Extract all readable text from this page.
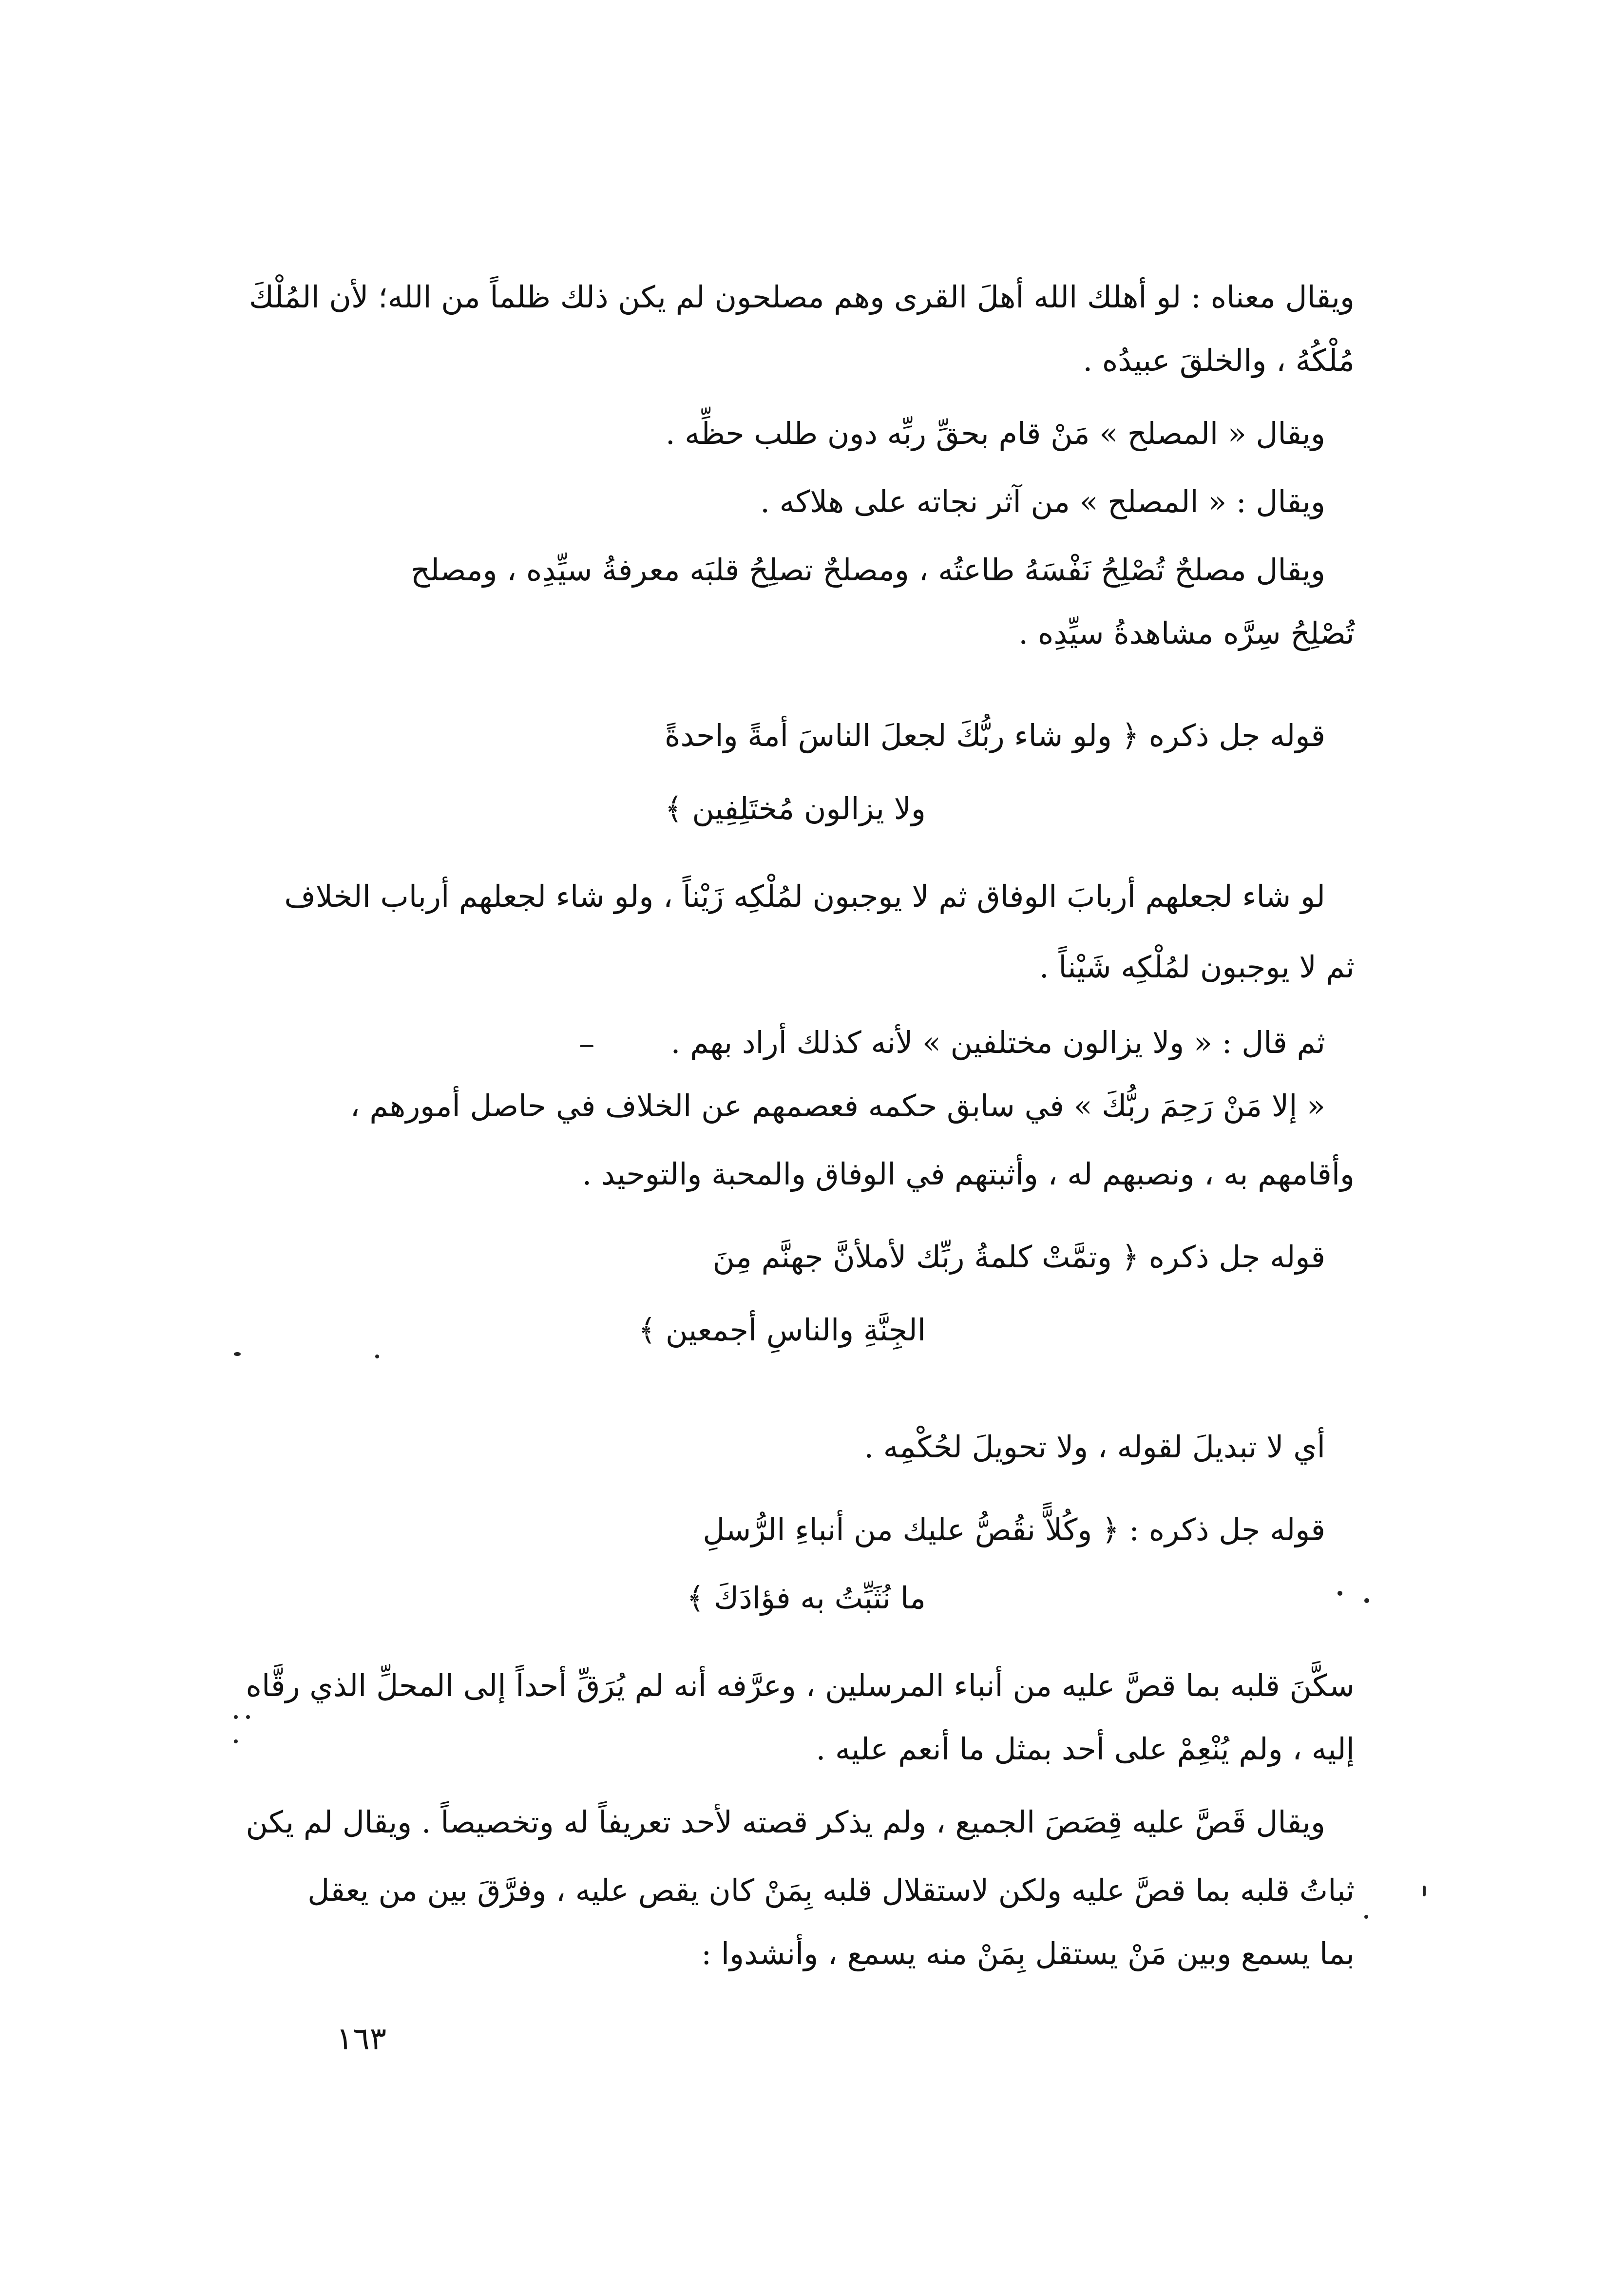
ويقال معناه : لو أهلك الله أهلَ القرى وهم مصلحون لم يكن ذلك ظلماً من الله؛ لأن المُلْكَ
مُلْكُهُ ، والخلقَ عبيدُه .
ويقال « المصلح » مَنْ قام بحقِّ ربِّه دون طلب حظِّه .
ويقال : « المصلح » من آثر نجاته على هلاكه .
ويقال مصلحٌ تُصْلِحُ نَفْسَهُ طاعتُه ، ومصلحٌ تصلِحُ قلبَه معرفةُ سيِّدِه ، ومصلح
تُصْلِحُ سِرَّه مشاهدةُ سيِّدِه .
قوله جل ذكره ﴿ ولو شاء ربُّكَ لجعلَ الناسَ أمةً واحدةً
ولا يزالون مُختَلِفِين ﴾
لو شاء لجعلهم أربابَ الوفاق ثم لا يوجبون لمُلْكِه زَيْناً ، ولو شاء لجعلهم أرباب الخلاف
ثم لا يوجبون لمُلْكِه شَيْناً .
ثم قال : « ولا يزالون مختلفين » لأنه كذلك أراد بهم .
« إلا مَنْ رَحِمَ ربُّكَ » في سابق حكمه فعصمهم عن الخلاف في حاصل أمورهم ،
وأقامهم به ، ونصبهم له ، وأثبتهم في الوفاق والمحبة والتوحيد .
قوله جل ذكره ﴿ وتمَّتْ كلمةُ ربِّك لأملأنَّ جهنَّم مِنَ
الجِنَّةِ والناسِ أجمعين ﴾
أي لا تبديلَ لقوله ، ولا تحويلَ لحُكْمِه .
قوله جل ذكره : ﴿ وكُلاًّ نقُصُّ عليك من أنباءِ الرُّسلِ
ما نُثَبِّتُ به فؤادَكَ ﴾
سكَّنَ قلبه بما قصَّ عليه من أنباء المرسلين ، وعرَّفه أنه لم يُرَقِّ أحداً إلى المحلِّ الذي رقَّاه
إليه ، ولم يُنْعِمْ على أحد بمثل ما أنعم عليه .
ويقال قَصَّ عليه قِصَصَ الجميع ، ولم يذكر قصته لأحد تعريفاً له وتخصيصاً . ويقال لم يكن
ثباتُ قلبه بما قصَّ عليه ولكن لاستقلال قلبه بِمَنْ كان يقص عليه ، وفرَّقَ بين من يعقل
بما يسمع وبين مَنْ يستقل بِمَنْ منه يسمع ، وأنشدوا :
١٦٣
